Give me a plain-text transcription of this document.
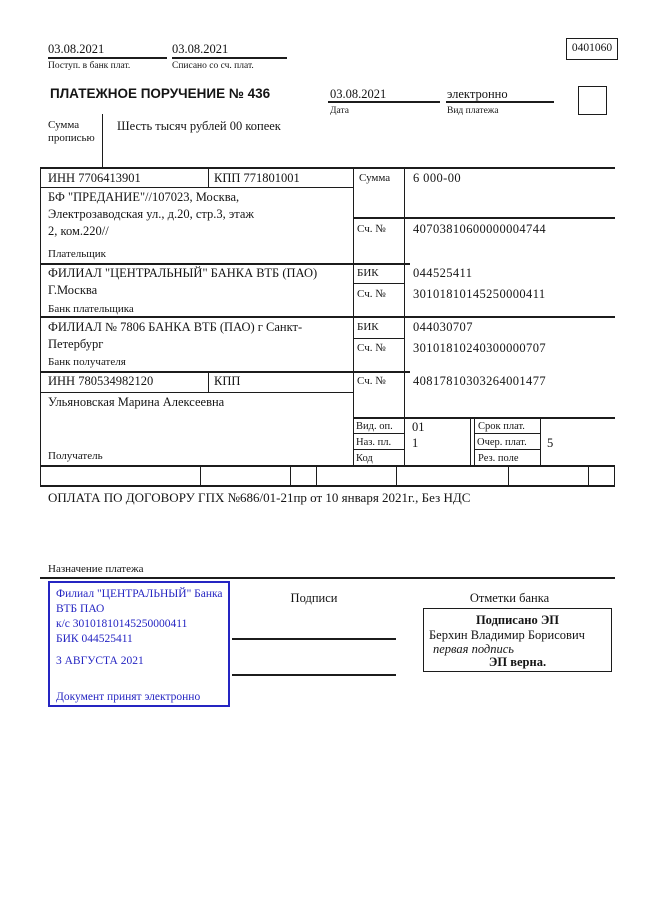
03.08.2021
Поступ. в банк плат.
03.08.2021
Списано со сч. плат.
0401060
ПЛАТЕЖНОЕ ПОРУЧЕНИЕ № 436	03.08.2021
Дата
электронно
Вид платежа
Сумма прописью
Шесть тысяч рублей 00 копеек
ИНН 7706413901	КПП 771801001	Сумма 6 000-00
БФ "ПРЕДАНИЕ"//107023, Москва,
Электрозаводская ул., д.20, стр.3, этаж
2, ком.220//	Сч. № 40703810600000004744
Плательщик
ФИЛИАЛ "ЦЕНТРАЛЬНЫЙ" БАНКА ВТБ (ПАО)
Г.Москва
БИК	044525411
Сч. № 30101810145250000411
Банк плательщика
ФИЛИАЛ № 7806 БАНКА ВТБ (ПАО) г Санкт-
Петербург
БИК	044030707
Сч. № 30101810240300000707
Банк получателя
ИНН 780534982120	КПП	Сч. № 40817810303264001477
Ульяновская Марина Алексеевна
Получатель
Вид. оп. 01	Срок плат.
Наз. пл. 1	Очер. плат. 5
Код	Рез. поле
ОПЛАТА ПО ДОГОВОРУ ГПХ №686/01-21пр от 10 января 2021г., Без НДС
Назначение платежа
Филиал "ЦЕНТРАЛЬНЫЙ" Банка
ВТБ ПАО
к/с 30101810145250000411
БИК 044525411
3 АВГУСТА 2021
Документ принят электронно
Подписи	Отметки банка
Подписано ЭП
Берхин Владимир Борисович
первая подпись
ЭП верна.
